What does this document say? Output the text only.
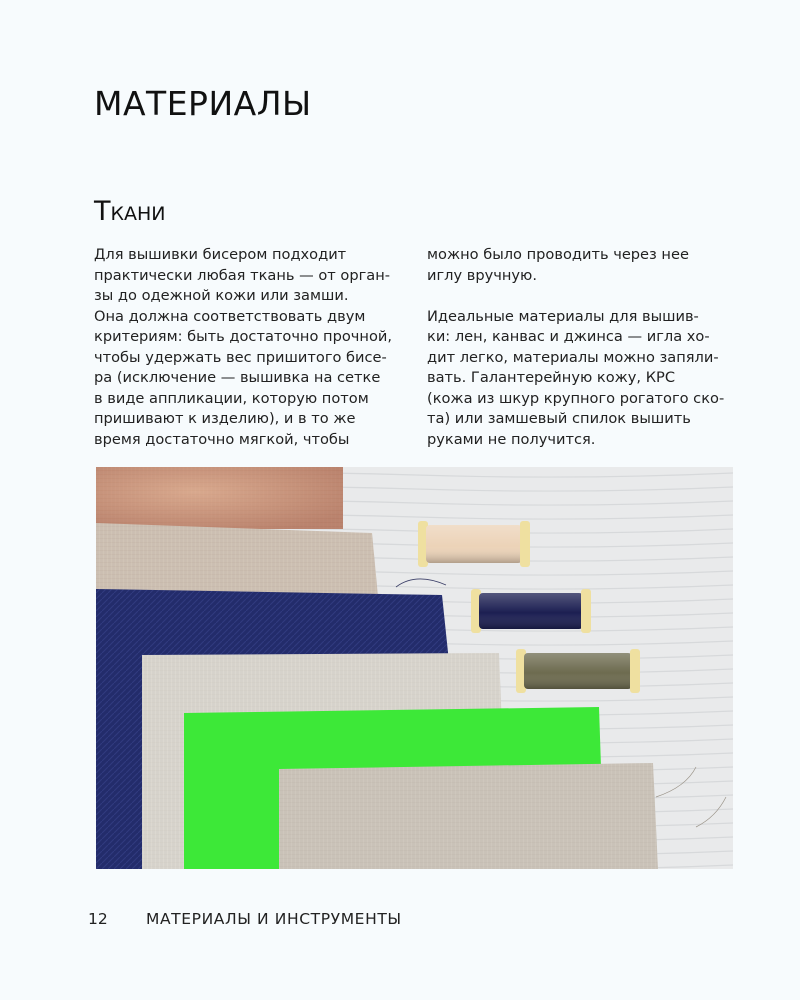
МАТЕРИАЛЫ
Ткани
Для вышивки бисером подходит
практически любая ткань — от орган-
зы до одежной кожи или замши.
Она должна соответствовать двум
критериям: быть достаточно прочной,
чтобы удержать вес пришитого бисе-
ра (исключение — вышивка на сетке
в виде аппликации, которую потом
пришивают к изделию), и в то же
время достаточно мягкой, чтобы
можно было проводить через нее
иглу вручную.
Идеальные материалы для вышив-
ки: лен, канвас и джинса — игла хо-
дит легко, материалы можно запяли-
вать. Галантерейную кожу, КРС
(кожа из шкур крупного рогатого ско-
та) или замшевый спилок вышить
руками не получится.
12 МАТЕРИАЛЫ И ИНСТРУМЕНТЫ
